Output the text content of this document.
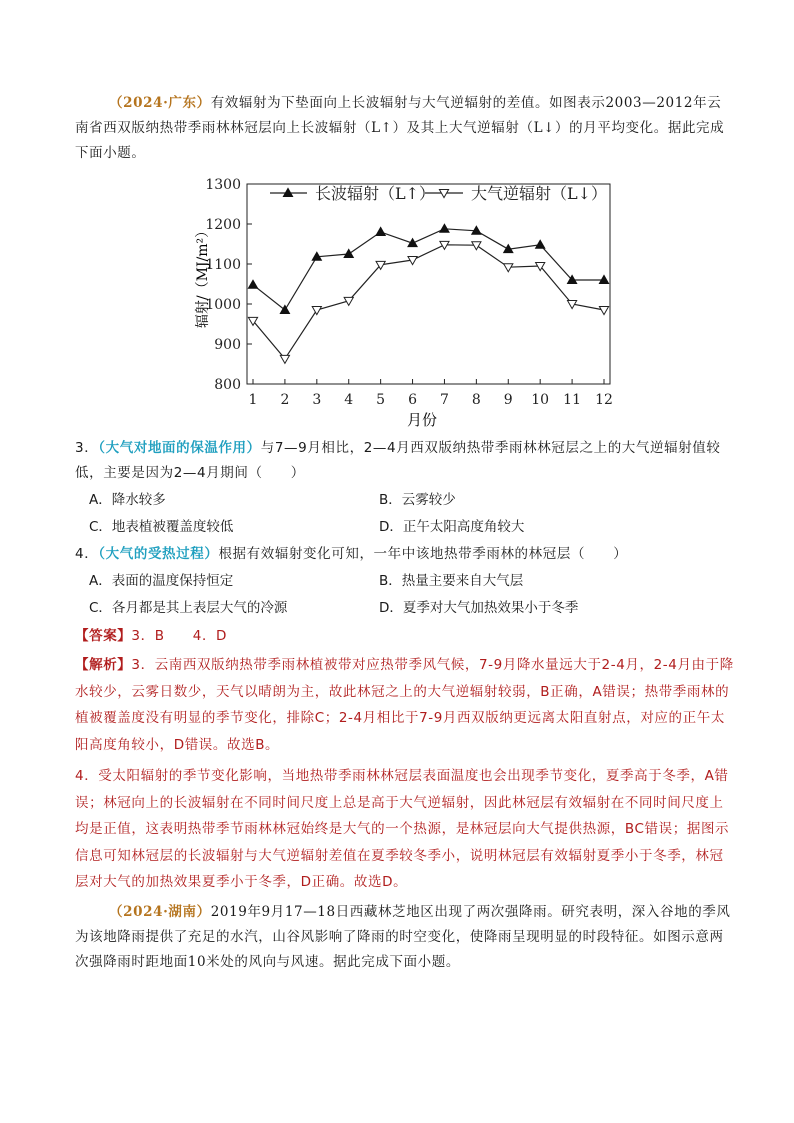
（2024·广东）有效辐射为下垫面向上长波辐射与大气逆辐射的差值。如图表示2003—2012年云南省西双版纳热带季雨林林冠层向上长波辐射（L↑）及其上大气逆辐射（L↓）的月平均变化。据此完成下面小题。
800
900
1000
1100
1200
1300
1 2 3 4 5 6 7 8 9 10 11 12
长波辐射（L↑） 大气逆辐射（L↓）
辐射/（MJ/m²）
月份
3．（大气对地面的保温作用）与7—9月相比，2—4月西双版纳热带季雨林林冠层之上的大气逆辐射值较低，主要是因为2—4月期间（　　）
A．降水较多	B．云雾较少
C．地表植被覆盖度较低	D．正午太阳高度角较大
4．（大气的受热过程）根据有效辐射变化可知，一年中该地热带季雨林的林冠层（　　）
A．表面的温度保持恒定	B．热量主要来自大气层
C．各月都是其上表层大气的冷源	D．夏季对大气加热效果小于冬季
【答案】3．B　　4．D
【解析】3．云南西双版纳热带季雨林植被带对应热带季风气候，7-9月降水量远大于2-4月，2-4月由于降水较少，云雾日数少，天气以晴朗为主，故此林冠之上的大气逆辐射较弱，B正确，A错误；热带季雨林的植被覆盖度没有明显的季节变化，排除C；2-4月相比于7-9月西双版纳更远离太阳直射点，对应的正午太阳高度角较小，D错误。故选B。
4．受太阳辐射的季节变化影响，当地热带季雨林林冠层表面温度也会出现季节变化，夏季高于冬季，A错误；林冠向上的长波辐射在不同时间尺度上总是高于大气逆辐射，因此林冠层有效辐射在不同时间尺度上均是正值，这表明热带季节雨林林冠始终是大气的一个热源，是林冠层向大气提供热源，BC错误；据图示信息可知林冠层的长波辐射与大气逆辐射差值在夏季较冬季小，说明林冠层有效辐射夏季小于冬季，林冠层对大气的加热效果夏季小于冬季，D正确。故选D。
（2024·湖南）2019年9月17—18日西藏林芝地区出现了两次强降雨。研究表明，深入谷地的季风为该地降雨提供了充足的水汽，山谷风影响了降雨的时空变化，使降雨呈现明显的时段特征。如图示意两次强降雨时距地面10米处的风向与风速。据此完成下面小题。
